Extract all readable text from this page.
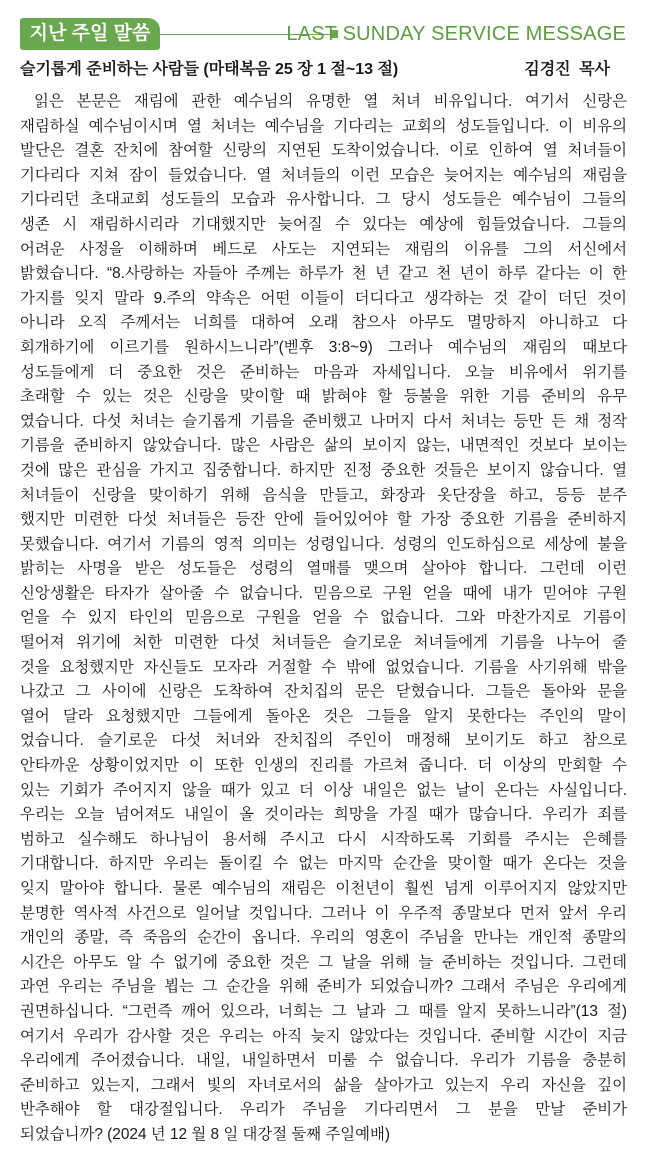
지난 주일 말씀	LAST SUNDAY SERVICE MESSAGE
슬기롭게 준비하는 사람들 (마태복음 25 장 1 절~13 절)	김경진 목사
읽은 본문은 재림에 관한 예수님의 유명한 열 처녀 비유입니다. 여기서 신랑은
재림하실 예수님이시며 열 처녀는 예수님을 기다리는 교회의 성도들입니다. 이 비유의
발단은 결혼 잔치에 참여할 신랑의 지연된 도착이었습니다. 이로 인하여 열 처녀들이
기다리다 지쳐 잠이 들었습니다. 열 처녀들의 이런 모습은 늦어지는 예수님의 재림을
기다리던 초대교회 성도들의 모습과 유사합니다. 그 당시 성도들은 예수님이 그들의
생존 시 재림하시리라 기대했지만 늦어질 수 있다는 예상에 힘들었습니다. 그들의
어려운 사정을 이해하며 베드로 사도는 지연되는 재림의 이유를 그의 서신에서
밝혔습니다. “8.사랑하는 자들아 주께는 하루가 천 년 같고 천 년이 하루 같다는 이 한
가지를 잊지 말라 9.주의 약속은 어떤 이들이 더디다고 생각하는 것 같이 더딘 것이
아니라 오직 주께서는 너희를 대하여 오래 참으사 아무도 멸망하지 아니하고 다
회개하기에 이르기를 원하시느니라”(벧후 3:8~9) 그러나 예수님의 재림의 때보다
성도들에게 더 중요한 것은 준비하는 마음과 자세입니다. 오늘 비유에서 위기를
초래할 수 있는 것은 신랑을 맞이할 때 밝혀야 할 등불을 위한 기름 준비의 유무
였습니다. 다섯 처녀는 슬기롭게 기름을 준비했고 나머지 다서 처녀는 등만 든 채 정작
기름을 준비하지 않았습니다. 많은 사람은 삶의 보이지 않는, 내면적인 것보다 보이는
것에 많은 관심을 가지고 집중합니다. 하지만 진정 중요한 것들은 보이지 않습니다. 열
처녀들이 신랑을 맞이하기 위해 음식을 만들고, 화장과 옷단장을 하고, 등등 분주
했지만 미련한 다섯 처녀들은 등잔 안에 들어있어야 할 가장 중요한 기름을 준비하지
못했습니다. 여기서 기름의 영적 의미는 성령입니다. 성령의 인도하심으로 세상에 불을
밝히는 사명을 받은 성도들은 성령의 열매를 맺으며 살아야 합니다. 그런데 이런
신앙생활은 타자가 살아줄 수 없습니다. 믿음으로 구원 얻을 때에 내가 믿어야 구원
얻을 수 있지 타인의 믿음으로 구원을 얻을 수 없습니다. 그와 마찬가지로 기름이
떨어져 위기에 처한 미련한 다섯 처녀들은 슬기로운 처녀들에게 기름을 나누어 줄
것을 요청했지만 자신들도 모자라 거절할 수 밖에 없었습니다. 기름을 사기위해 밖을
나갔고 그 사이에 신랑은 도착하여 잔치집의 문은 닫혔습니다. 그들은 돌아와 문을
열어 달라 요청했지만 그들에게 돌아온 것은 그들을 알지 못한다는 주인의 말이
었습니다. 슬기로운 다섯 처녀와 잔치집의 주인이 매정해 보이기도 하고 참으로
안타까운 상황이었지만 이 또한 인생의 진리를 가르쳐 줍니다. 더 이상의 만회할 수
있는 기회가 주어지지 않을 때가 있고 더 이상 내일은 없는 날이 온다는 사실입니다.
우리는 오늘 넘어져도 내일이 올 것이라는 희망을 가질 때가 많습니다. 우리가 죄를
범하고 실수해도 하나님이 용서해 주시고 다시 시작하도록 기회를 주시는 은혜를
기대합니다. 하지만 우리는 돌이킬 수 없는 마지막 순간을 맞이할 때가 온다는 것을
잊지 말아야 합니다. 물론 예수님의 재림은 이천년이 훨씬 넘게 이루어지지 않았지만
분명한 역사적 사건으로 일어날 것입니다. 그러나 이 우주적 종말보다 먼저 앞서 우리
개인의 종말, 즉 죽음의 순간이 옵니다. 우리의 영혼이 주님을 만나는 개인적 종말의
시간은 아무도 알 수 없기에 중요한 것은 그 날을 위해 늘 준비하는 것입니다. 그런데
과연 우리는 주님을 뵙는 그 순간을 위해 준비가 되었습니까? 그래서 주님은 우리에게
권면하십니다. “그런즉 깨어 있으라, 너희는 그 날과 그 때를 알지 못하느니라”(13 절)
여기서 우리가 감사할 것은 우리는 아직 늦지 않았다는 것입니다. 준비할 시간이 지금
우리에게 주어졌습니다. 내일, 내일하면서 미룰 수 없습니다. 우리가 기름을 충분히
준비하고 있는지, 그래서 빛의 자녀로서의 삶을 살아가고 있는지 우리 자신을 깊이
반추해야 할 대강절입니다. 우리가 주님을 기다리면서 그 분을 만날 준비가
되었습니까? (2024 년 12 월 8 일 대강절 둘째 주일예배)
